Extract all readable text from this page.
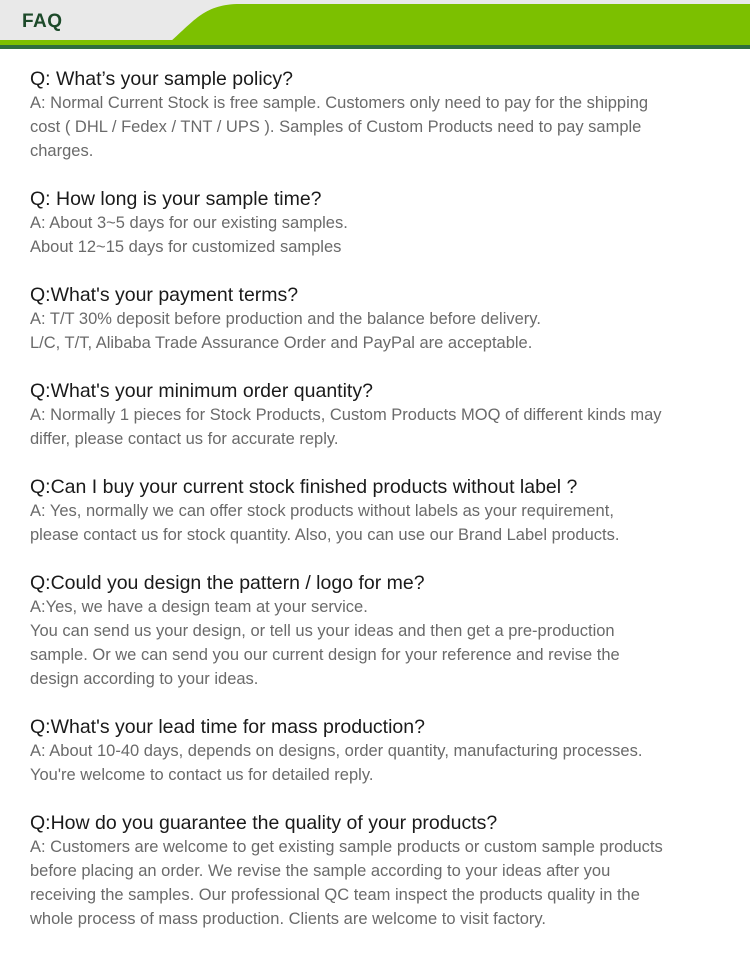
FAQ
Q: What’s your sample policy?
A: Normal Current Stock is free sample. Customers only need to pay for the shipping
cost ( DHL / Fedex / TNT / UPS ). Samples of Custom Products need to pay sample
charges.
Q: How long is your sample time?
A: About 3~5 days for our existing samples.
About 12~15 days for customized samples
Q:What's your payment terms?
A: T/T 30% deposit before production and the balance before delivery.
L/C, T/T, Alibaba Trade Assurance Order and PayPal are acceptable.
Q:What's your minimum order quantity?
A: Normally 1 pieces for Stock Products, Custom Products MOQ of different kinds may
differ, please contact us for accurate reply.
Q:Can I buy your current stock finished products without label ?
A: Yes, normally we can offer stock products without labels as your requirement,
please contact us for stock quantity. Also, you can use our Brand Label products.
Q:Could you design the pattern / logo for me?
A:Yes, we have a design team at your service.
You can send us your design, or tell us your ideas and then get a pre-production
sample. Or we can send you our current design for your reference and revise the
design according to your ideas.
Q:What's your lead time for mass production?
A: About 10-40 days, depends on designs, order quantity, manufacturing processes.
You're welcome to contact us for detailed reply.
Q:How do you guarantee the quality of your products?
A: Customers are welcome to get existing sample products or custom sample products
before placing an order. We revise the sample according to your ideas after you
receiving the samples. Our professional QC team inspect the products quality in the
whole process of mass production. Clients are welcome to visit factory.
